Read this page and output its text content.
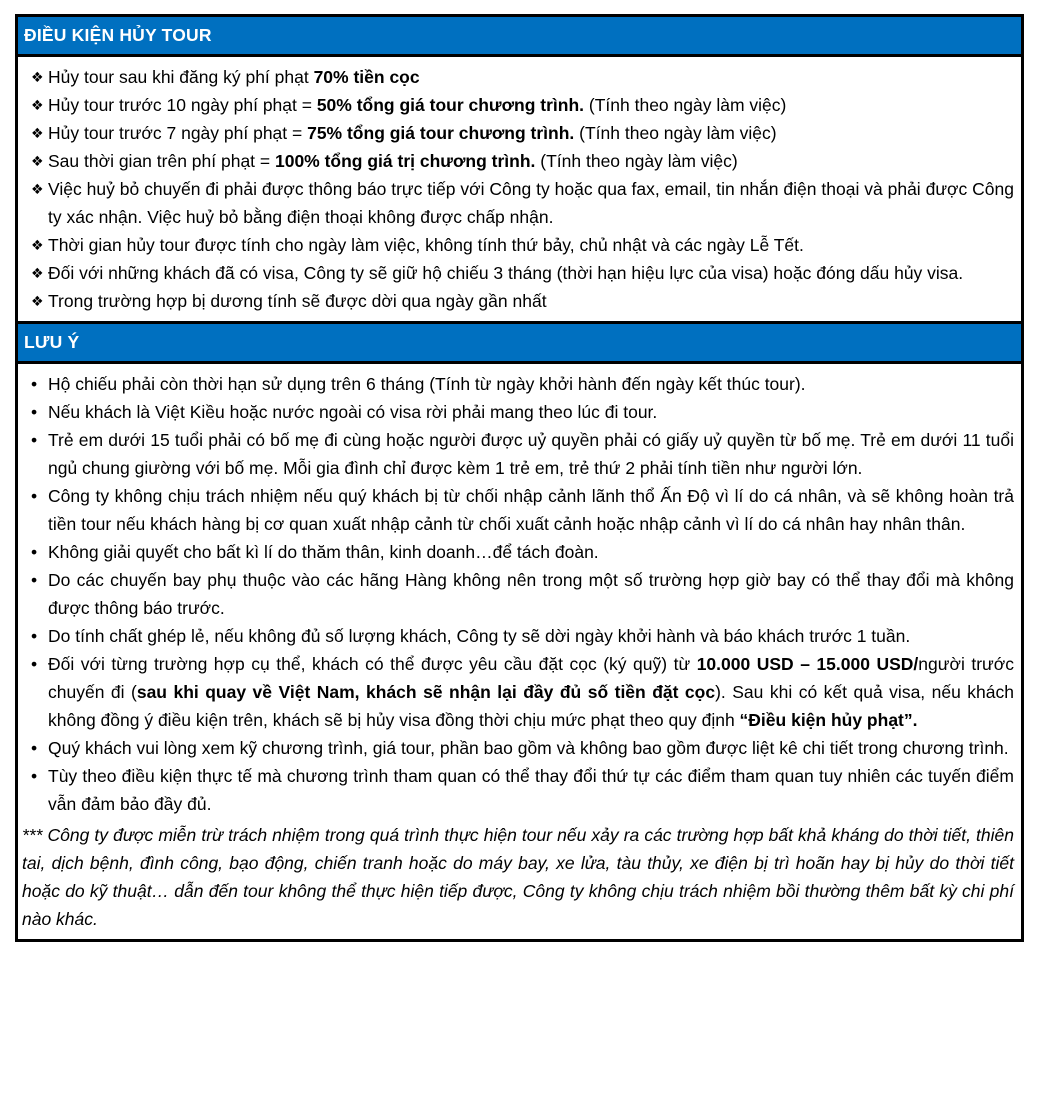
ĐIỀU KIỆN HỦY TOUR
❖ Hủy tour sau khi đăng ký phí phạt 70% tiền cọc
❖ Hủy tour trước 10 ngày phí phạt = 50% tổng giá tour chương trình. (Tính theo ngày làm việc)
❖ Hủy tour trước 7 ngày phí phạt = 75% tổng giá tour chương trình. (Tính theo ngày làm việc)
❖ Sau thời gian trên phí phạt = 100% tổng giá trị chương trình. (Tính theo ngày làm việc)
❖ Việc huỷ bỏ chuyến đi phải được thông báo trực tiếp với Công ty hoặc qua fax, email, tin nhắn điện thoại và phải được Công ty xác nhận. Việc huỷ bỏ bằng điện thoại không được chấp nhận.
❖ Thời gian hủy tour được tính cho ngày làm việc, không tính thứ bảy, chủ nhật và các ngày Lễ Tết.
❖ Đối với những khách đã có visa, Công ty sẽ giữ hộ chiếu 3 tháng (thời hạn hiệu lực của visa) hoặc đóng dấu hủy visa.
❖ Trong trường hợp bị dương tính sẽ được dời qua ngày gần nhất
LƯU Ý
• Hộ chiếu phải còn thời hạn sử dụng trên 6 tháng (Tính từ ngày khởi hành đến ngày kết thúc tour).
• Nếu khách là Việt Kiều hoặc nước ngoài có visa rời phải mang theo lúc đi tour.
• Trẻ em dưới 15 tuổi phải có bố mẹ đi cùng hoặc người được uỷ quyền phải có giấy uỷ quyền từ bố mẹ. Trẻ em dưới 11 tuổi ngủ chung giường với bố mẹ. Mỗi gia đình chỉ được kèm 1 trẻ em, trẻ thứ 2 phải tính tiền như người lớn.
• Công ty không chịu trách nhiệm nếu quý khách bị từ chối nhập cảnh lãnh thổ Ấn Độ vì lí do cá nhân, và sẽ không hoàn trả tiền tour nếu khách hàng bị cơ quan xuất nhập cảnh từ chối xuất cảnh hoặc nhập cảnh vì lí do cá nhân hay nhân thân.
• Không giải quyết cho bất kì lí do thăm thân, kinh doanh…để tách đoàn.
• Do các chuyến bay phụ thuộc vào các hãng Hàng không nên trong một số trường hợp giờ bay có thể thay đổi mà không được thông báo trước.
• Do tính chất ghép lẻ, nếu không đủ số lượng khách, Công ty sẽ dời ngày khởi hành và báo khách trước 1 tuần.
• Đối với từng trường hợp cụ thể, khách có thể được yêu cầu đặt cọc (ký quỹ) từ 10.000 USD – 15.000 USD/người trước chuyến đi (sau khi quay về Việt Nam, khách sẽ nhận lại đầy đủ số tiền đặt cọc). Sau khi có kết quả visa, nếu khách không đồng ý điều kiện trên, khách sẽ bị hủy visa đồng thời chịu mức phạt theo quy định “Điều kiện hủy phạt”.
• Quý khách vui lòng xem kỹ chương trình, giá tour, phần bao gồm và không bao gồm được liệt kê chi tiết trong chương trình.
• Tùy theo điều kiện thực tế mà chương trình tham quan có thể thay đổi thứ tự các điểm tham quan tuy nhiên các tuyến điểm vẫn đảm bảo đầy đủ.
*** Công ty được miễn trừ trách nhiệm trong quá trình thực hiện tour nếu xảy ra các trường hợp bất khả kháng do thời tiết, thiên tai, dịch bệnh, đình công, bạo động, chiến tranh hoặc do máy bay, xe lửa, tàu thủy, xe điện bị trì hoãn hay bị hủy do thời tiết hoặc do kỹ thuật… dẫn đến tour không thể thực hiện tiếp được, Công ty không chịu trách nhiệm bồi thường thêm bất kỳ chi phí nào khác.
